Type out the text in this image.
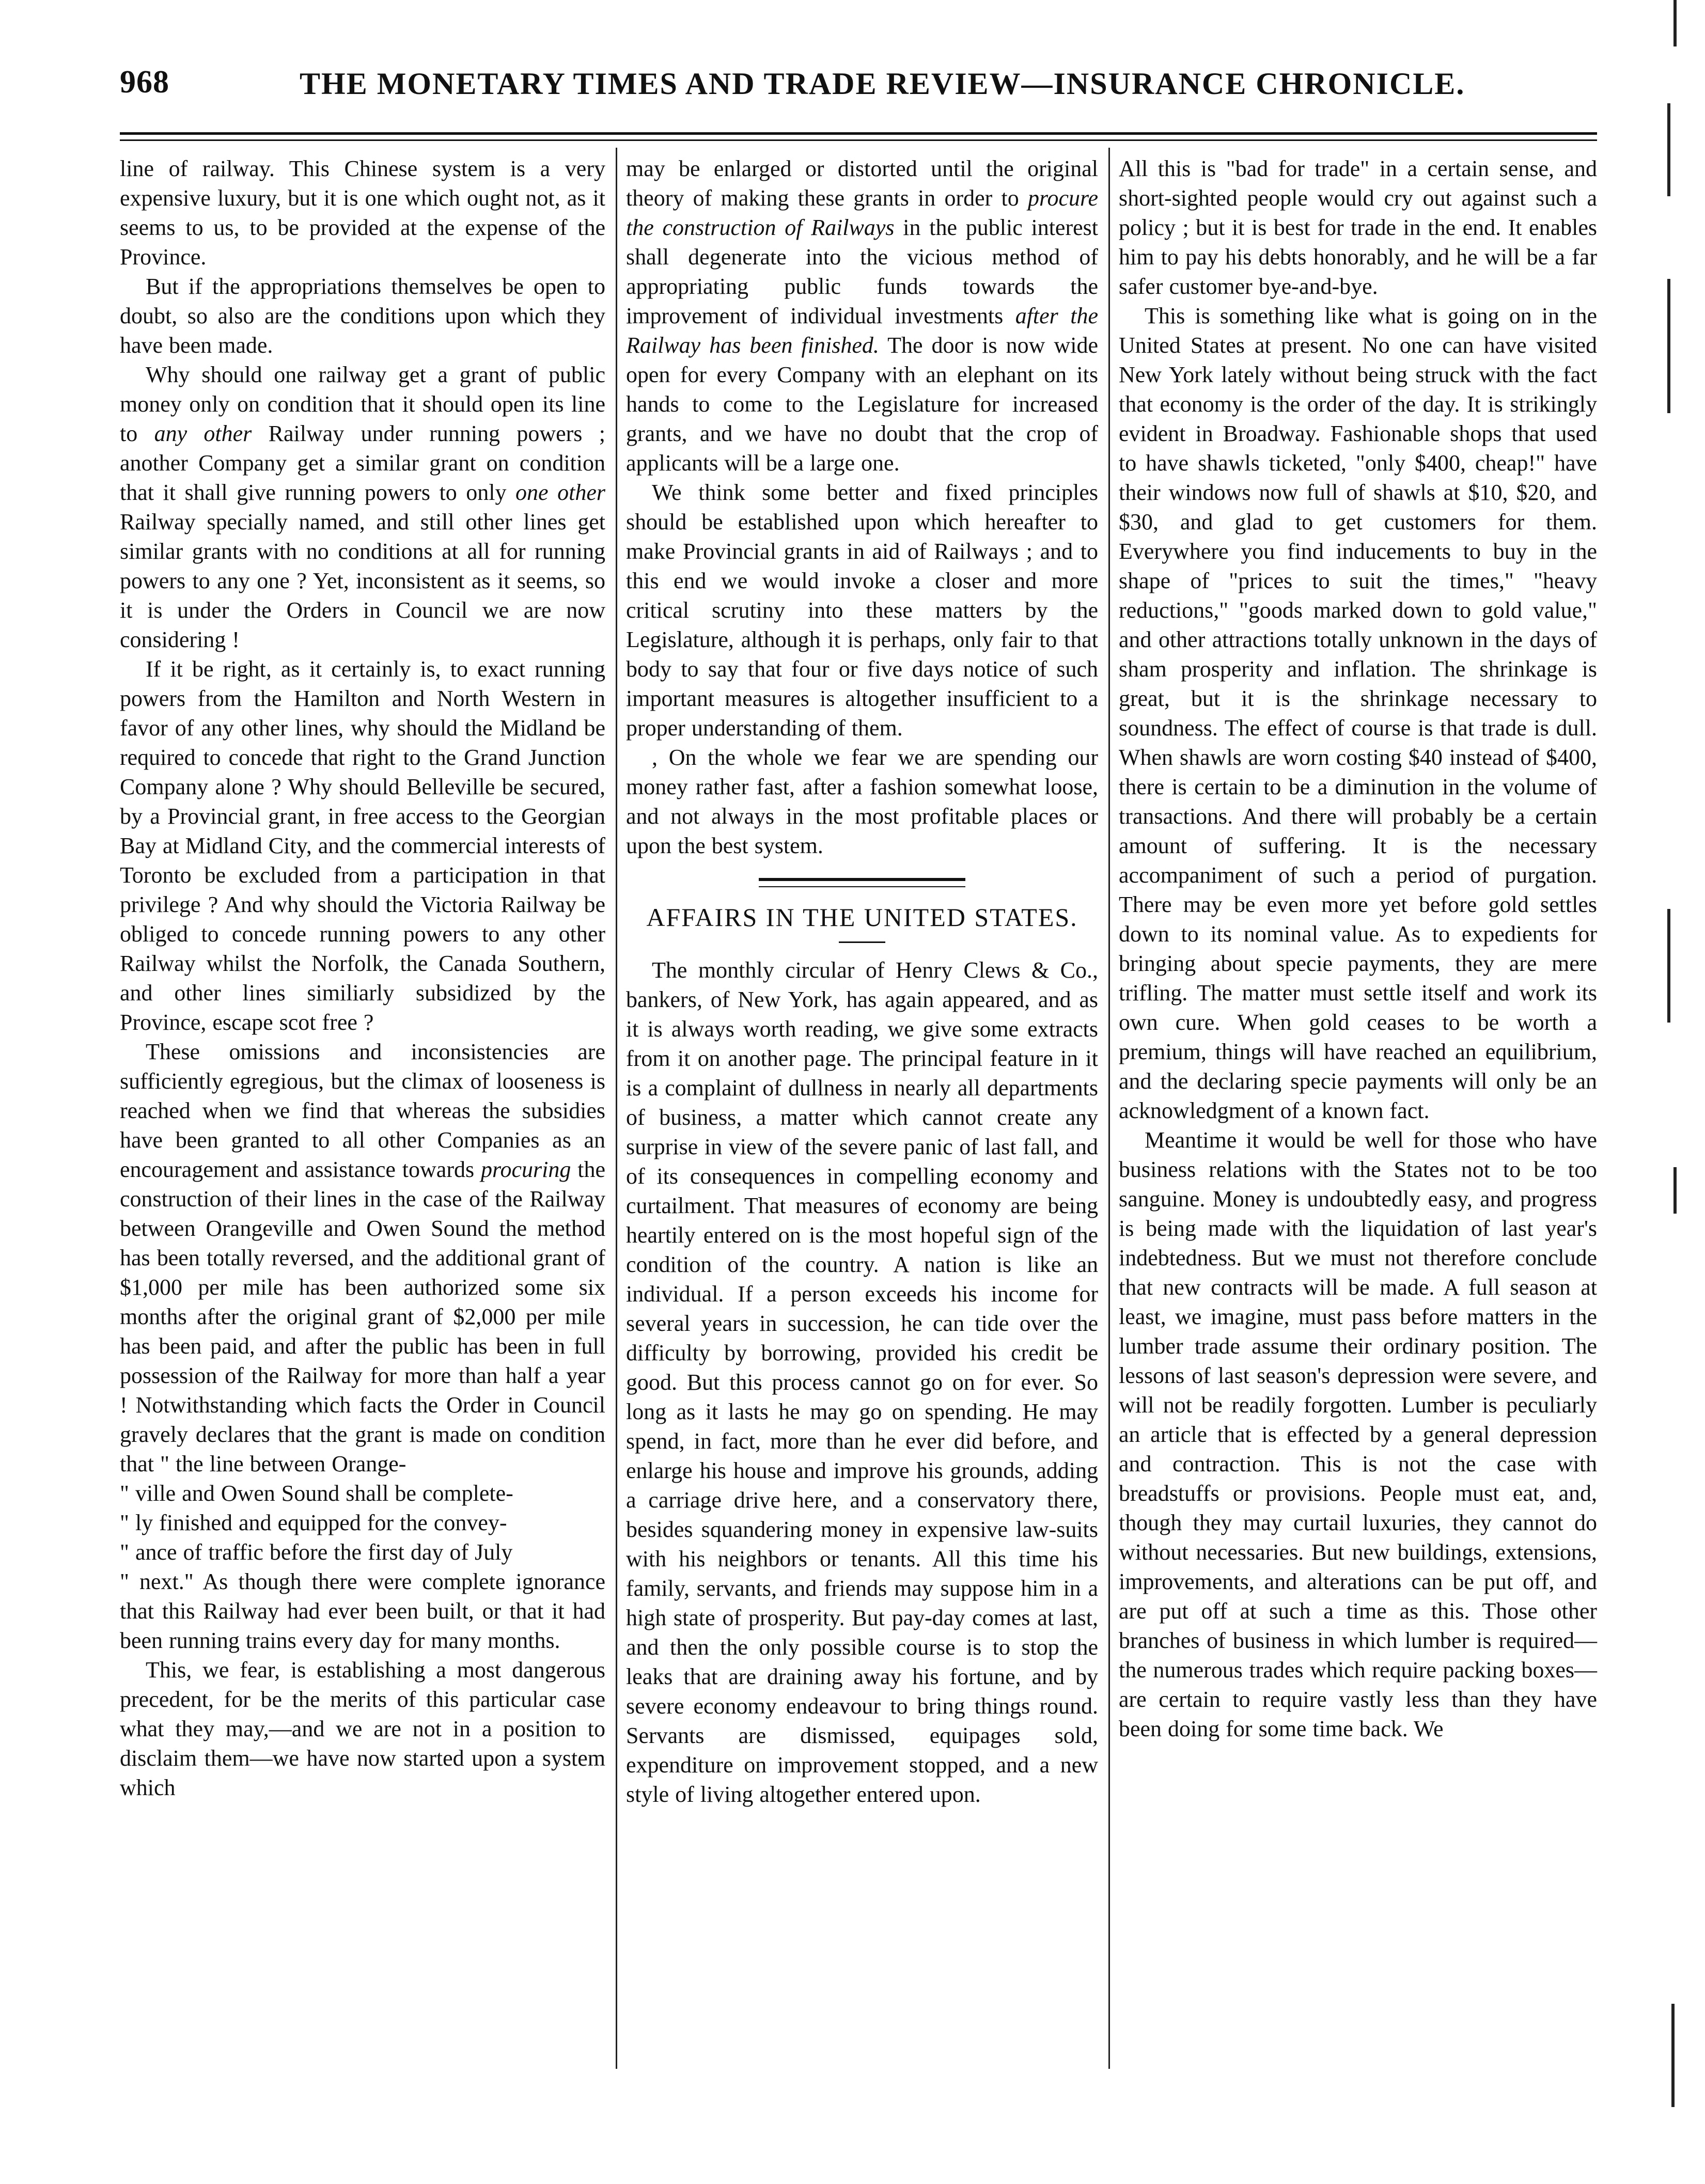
968	THE MONETARY TIMES AND TRADE REVIEW—INSURANCE CHRONICLE.

line of railway. This Chinese system is a very expensive luxury, but it is one which ought not, as it seems to us, to be provided at the expense of the Province.

But if the appropriations themselves be open to doubt, so also are the conditions upon which they have been made.

Why should one railway get a grant of public money only on condition that it should open its line to any other Railway under running powers ; another Company get a similar grant on condition that it shall give running powers to only one other Railway specially named, and still other lines get similar grants with no conditions at all for running powers to any one ? Yet, inconsistent as it seems, so it is under the Orders in Council we are now considering !

If it be right, as it certainly is, to exact running powers from the Hamilton and North Western in favor of any other lines, why should the Midland be required to concede that right to the Grand Junction Company alone ? Why should Belleville be secured, by a Provincial grant, in free access to the Georgian Bay at Midland City, and the commercial interests of Toronto be excluded from a participation in that privilege ? And why should the Victoria Railway be obliged to concede running powers to any other Railway whilst the Norfolk, the Canada Southern, and other lines similiarly subsidized by the Province, escape scot free ?

These omissions and inconsistencies are sufficiently egregious, but the climax of looseness is reached when we find that whereas the subsidies have been granted to all other Companies as an encouragement and assistance towards procuring the construction of their lines in the case of the Railway between Orangeville and Owen Sound the method has been totally reversed, and the additional grant of $1,000 per mile has been authorized some six months after the original grant of $2,000 per mile has been paid, and after the public has been in full possession of the Railway for more than half a year ! Notwithstanding which facts the Order in Council gravely declares that the grant is made on condition that " the line between Orange-

" ville and Owen Sound shall be complete-

" ly finished and equipped for the convey-

" ance of traffic before the first day of July

" next." As though there were complete ignorance that this Railway had ever been built, or that it had been running trains every day for many months.

This, we fear, is establishing a most dangerous precedent, for be the merits of this particular case what they may,—and we are not in a position to disclaim them—we have now started upon a system which

may be enlarged or distorted until the original theory of making these grants in order to procure the construction of Railways in the public interest shall degenerate into the vicious method of appropriating public funds towards the improvement of individual investments after the Railway has been finished. The door is now wide open for every Company with an elephant on its hands to come to the Legislature for increased grants, and we have no doubt that the crop of applicants will be a large one.

We think some better and fixed principles should be established upon which hereafter to make Provincial grants in aid of Railways ; and to this end we would invoke a closer and more critical scrutiny into these matters by the Legislature, although it is perhaps, only fair to that body to say that four or five days notice of such important measures is altogether insufficient to a proper understanding of them.

, On the whole we fear we are spending our money rather fast, after a fashion somewhat loose, and not always in the most profitable places or upon the best system.

AFFAIRS IN THE UNITED STATES.

The monthly circular of Henry Clews & Co., bankers, of New York, has again appeared, and as it is always worth reading, we give some extracts from it on another page. The principal feature in it is a complaint of dullness in nearly all departments of business, a matter which cannot create any surprise in view of the severe panic of last fall, and of its consequences in compelling economy and curtailment. That measures of economy are being heartily entered on is the most hopeful sign of the condition of the country. A nation is like an individual. If a person exceeds his income for several years in succession, he can tide over the difficulty by borrowing, provided his credit be good. But this process cannot go on for ever. So long as it lasts he may go on spending. He may spend, in fact, more than he ever did before, and enlarge his house and improve his grounds, adding a carriage drive here, and a conservatory there, besides squandering money in expensive law-suits with his neighbors or tenants. All this time his family, servants, and friends may suppose him in a high state of prosperity. But pay-day comes at last, and then the only possible course is to stop the leaks that are draining away his fortune, and by severe economy endeavour to bring things round. Servants are dismissed, equipages sold, expenditure on improvement stopped, and a new style of living altogether entered upon.

All this is "bad for trade" in a certain sense, and short-sighted people would cry out against such a policy ; but it is best for trade in the end. It enables him to pay his debts honorably, and he will be a far safer customer bye-and-bye.

This is something like what is going on in the United States at present. No one can have visited New York lately without being struck with the fact that economy is the order of the day. It is strikingly evident in Broadway. Fashionable shops that used to have shawls ticketed, "only $400, cheap!" have their windows now full of shawls at $10, $20, and $30, and glad to get customers for them. Everywhere you find inducements to buy in the shape of "prices to suit the times," "heavy reductions," "goods marked down to gold value," and other attractions totally unknown in the days of sham prosperity and inflation. The shrinkage is great, but it is the shrinkage necessary to soundness. The effect of course is that trade is dull. When shawls are worn costing $40 instead of $400, there is certain to be a diminution in the volume of transactions. And there will probably be a certain amount of suffering. It is the necessary accompaniment of such a period of purgation. There may be even more yet before gold settles down to its nominal value. As to expedients for bringing about specie payments, they are mere trifling. The matter must settle itself and work its own cure. When gold ceases to be worth a premium, things will have reached an equilibrium, and the declaring specie payments will only be an acknowledgment of a known fact.

Meantime it would be well for those who have business relations with the States not to be too sanguine. Money is undoubtedly easy, and progress is being made with the liquidation of last year's indebtedness. But we must not therefore conclude that new contracts will be made. A full season at least, we imagine, must pass before matters in the lumber trade assume their ordinary position. The lessons of last season's depression were severe, and will not be readily forgotten. Lumber is peculiarly an article that is effected by a general depression and contraction. This is not the case with breadstuffs or provisions. People must eat, and, though they may curtail luxuries, they cannot do without necessaries. But new buildings, extensions, improvements, and alterations can be put off, and are put off at such a time as this. Those other branches of business in which lumber is required—the numerous trades which require packing boxes—are certain to require vastly less than they have been doing for some time back. We
